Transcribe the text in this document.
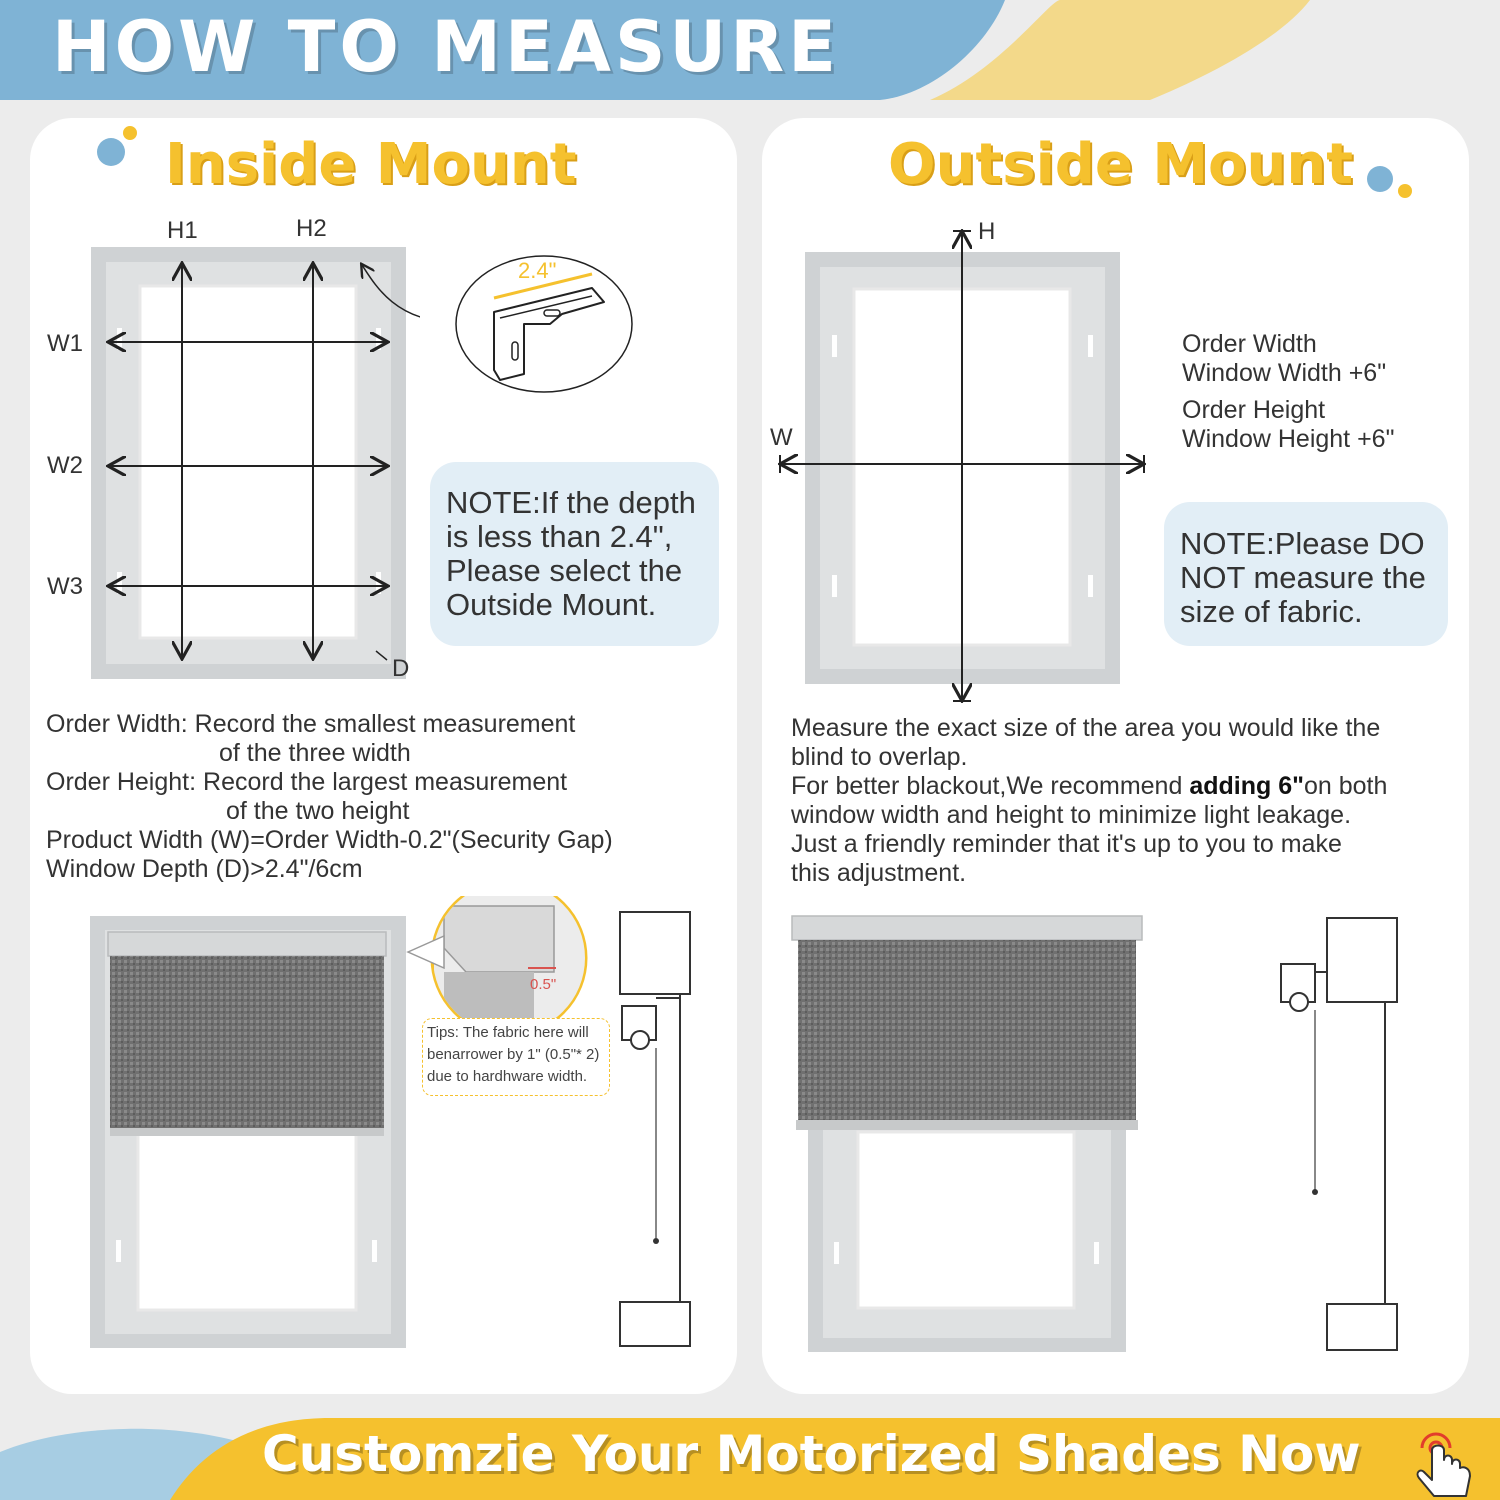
HOW TO MEASURE
Inside Mount
H1	H2
W1
W2
W3
D
2.4"
NOTE:If the depth
is less than 2.4",
Please select the
Outside Mount.
Order Width: Record the smallest measurement
of the three width
Order Height: Record the largest measurement
of the two height
Product Width (W)=Order Width-0.2"(Security Gap)
Window Depth (D)>2.4"/6cm
0.5"
Tips: The fabric here will
benarrower by 1" (0.5"* 2)
due to hardhware width.
Outside Mount
H
W
Order Width
Window Width +6"
Order Height
Window Height +6"
NOTE:Please DO
NOT measure the
size of fabric.
Measure the exact size of the area you would like the
blind to overlap.
For better blackout,We recommend adding 6"on both
window width and height to minimize light leakage.
Just a friendly reminder that it's up to you to make
this adjustment.
Customzie Your Motorized Shades Now
